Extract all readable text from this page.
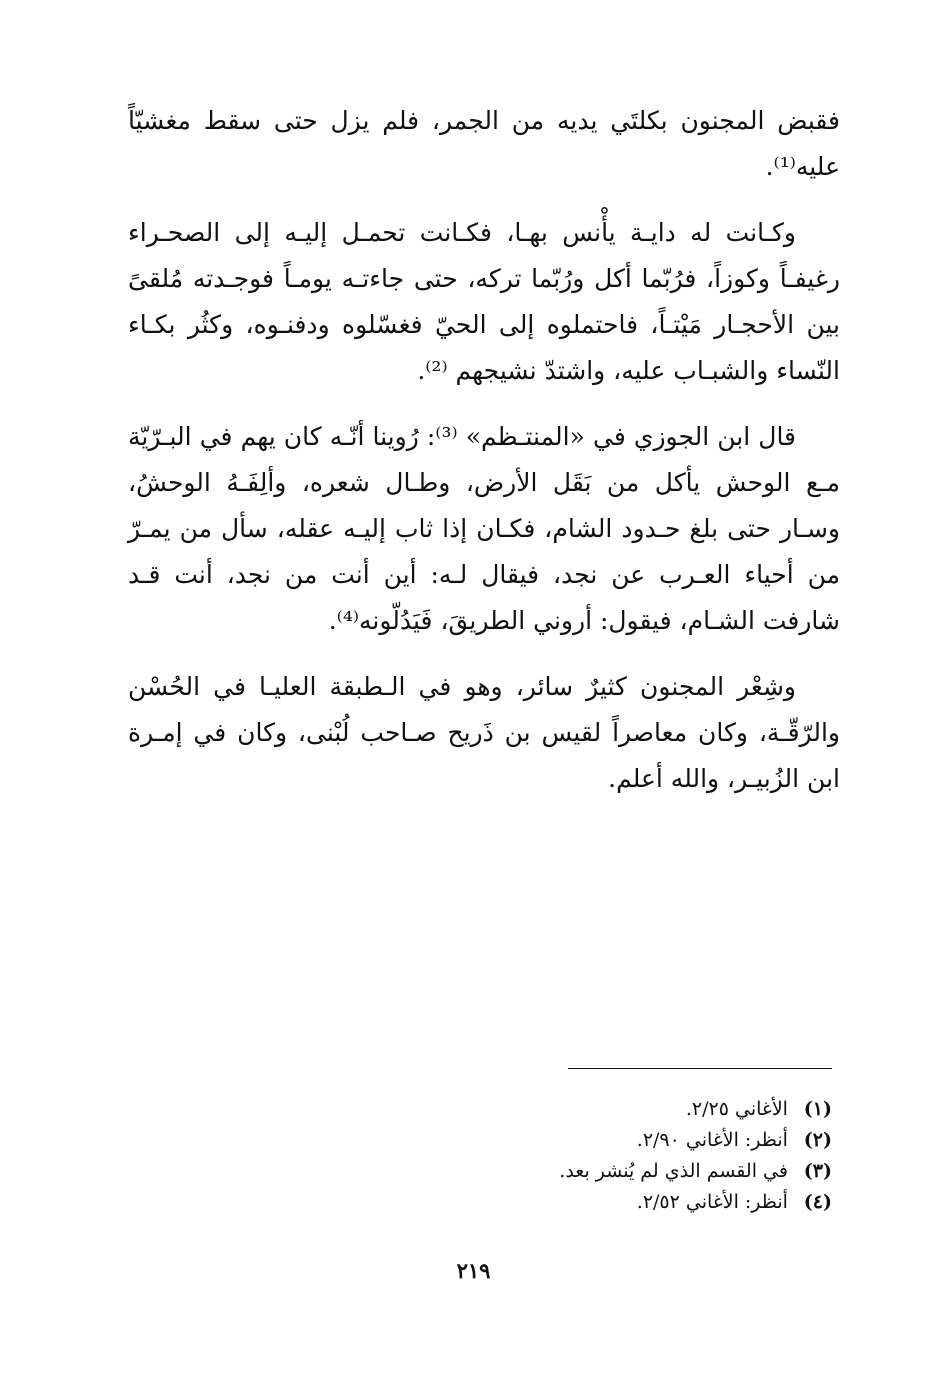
فقبض المجنون بكلتَي يديه من الجمر، فلم يزل حتى سقط مغشيّاً عليه⁽¹⁾.

وكـانت له دايـة يأْنس بهـا، فكـانت تحمـل إليـه إلى الصحـراء رغيفـاً وكوزاً، فرُبّما أكل ورُبّما تركه، حتى جاءتـه يومـاً فوجـدته مُلقىً بين الأحجـار مَيْتـاً، فاحتملوه إلى الحيّ فغسّلوه ودفنـوه، وكثُر بكـاء النّساء والشبـاب عليه، واشتدّ نشيجهم ⁽²⁾.

قال ابن الجوزي في «المنتـظم» ⁽³⁾: رُوينا أنّـه كان يهم في البـرّيّة مـع الوحش يأكل من بَقَل الأرض، وطـال شعره، وألِفَـهُ الوحشُ، وسـار حتى بلغ حـدود الشام، فكـان إذا ثاب إليـه عقله، سأل من يمـرّ من أحياء العـرب عن نجد، فيقال لـه: أين أنت من نجد، أنت قـد شارفت الشـام، فيقول: أروني الطريقَ، فَيَدُلّونه⁽⁴⁾.

وشِعْر المجنون كثيرٌ سائر، وهو في الـطبقة العليـا في الحُسْن والرّقّـة، وكان معاصراً لقيس بن ذَريح صـاحب لُبْنى، وكان في إمـرة ابن الزُبيـر، والله أعلم.

(١) الأغاني ٢/٢٥.
(٢) أنظر: الأغاني ٢/٩٠.
(٣) في القسم الذي لم يُنشر بعد.
(٤) أنظر: الأغاني ٢/٥٢.
٢١٩
